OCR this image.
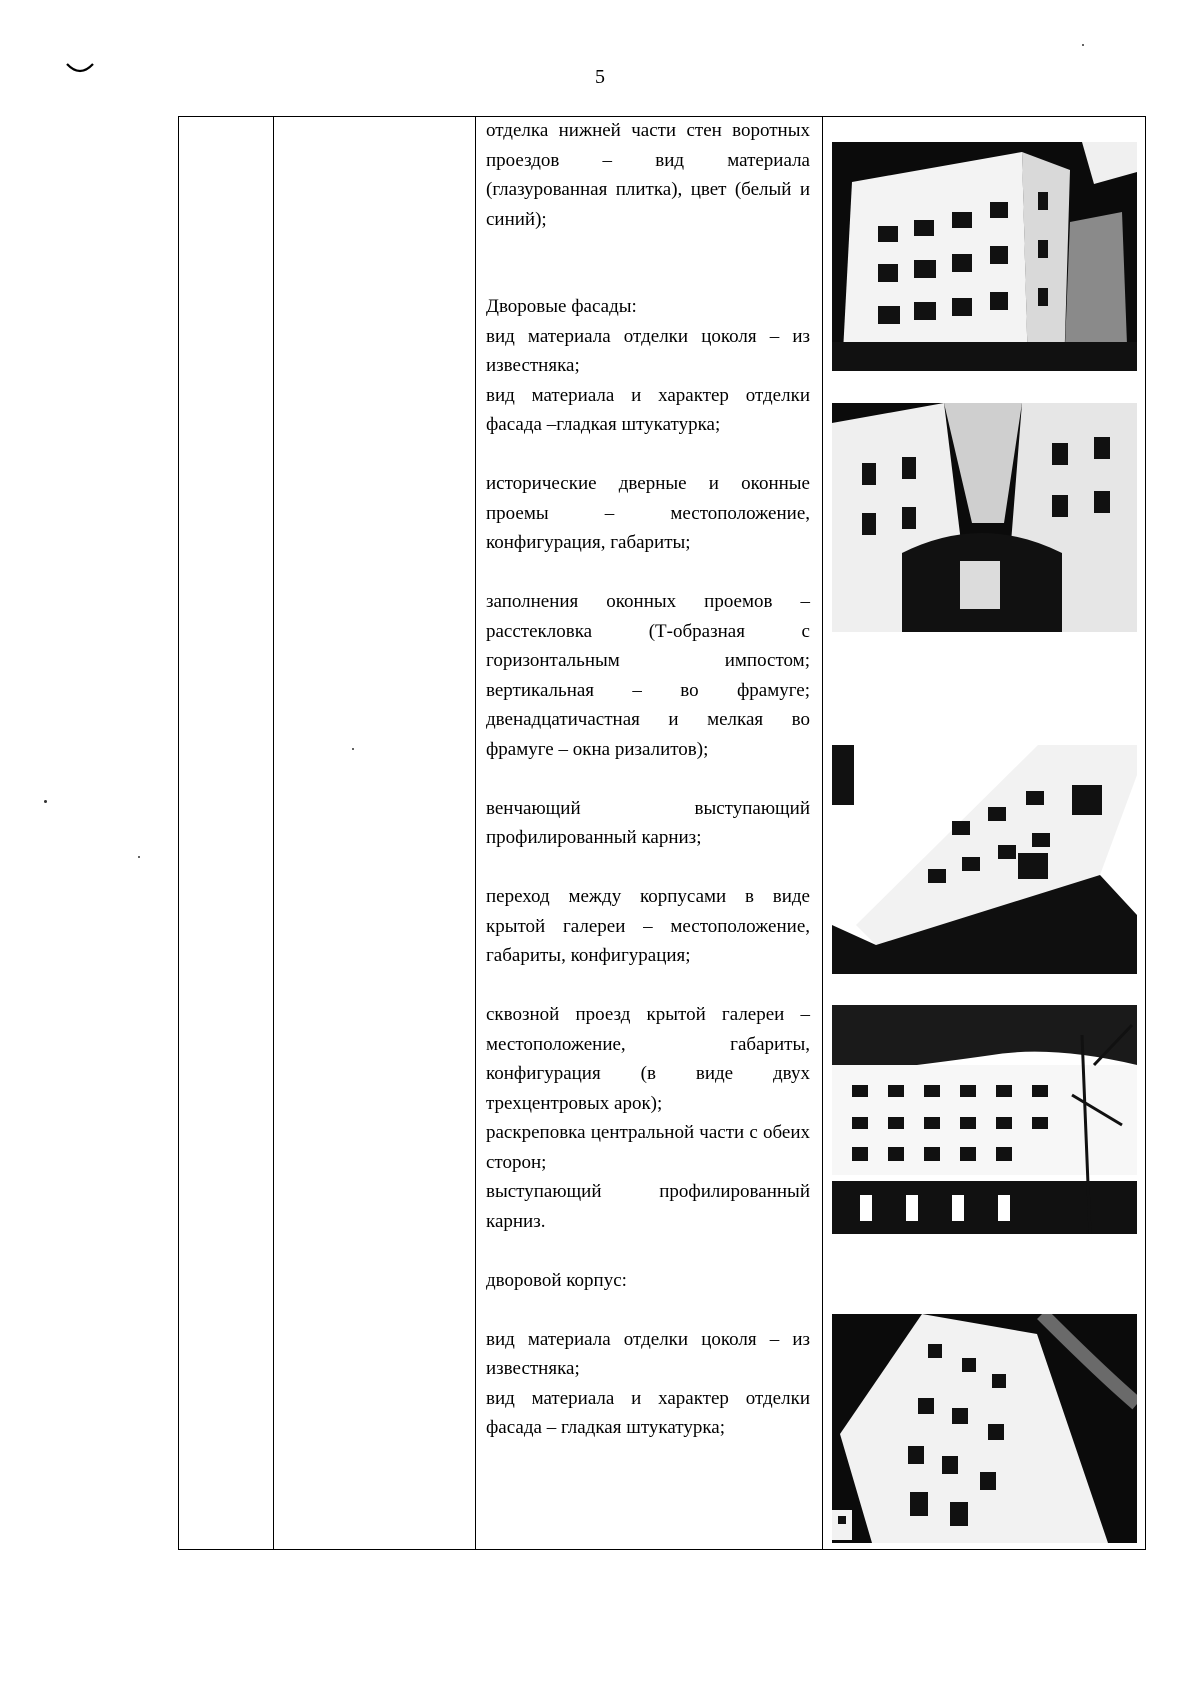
5

отделка нижней части стен воротных проездов – вид материала (глазурованная плитка), цвет (белый и синий);

Дворовые фасады:

вид материала отделки цоколя – из известняка;

вид материала и характер отделки фасада –гладкая штукатурка;

исторические дверные и оконные проемы – местоположение, конфигурация, габариты;

заполнения оконных проемов – расстекловка (Т-образная с горизонтальным импостом; вертикальная – во фрамуге; двенадцатичастная и мелкая во фрамуге – окна ризалитов);

венчающий выступающий профилированный карниз;

переход между корпусами в виде крытой галереи – местоположение, габариты, конфигурация;

сквозной проезд крытой галереи – местоположение, габариты, конфигурация (в виде двух трехцентровых арок);

раскреповка центральной части с обеих сторон;

выступающий профилированный карниз.

дворовой корпус:

вид материала отделки цоколя – из известняка;

вид материала и характер отделки фасада – гладкая штукатурка;
